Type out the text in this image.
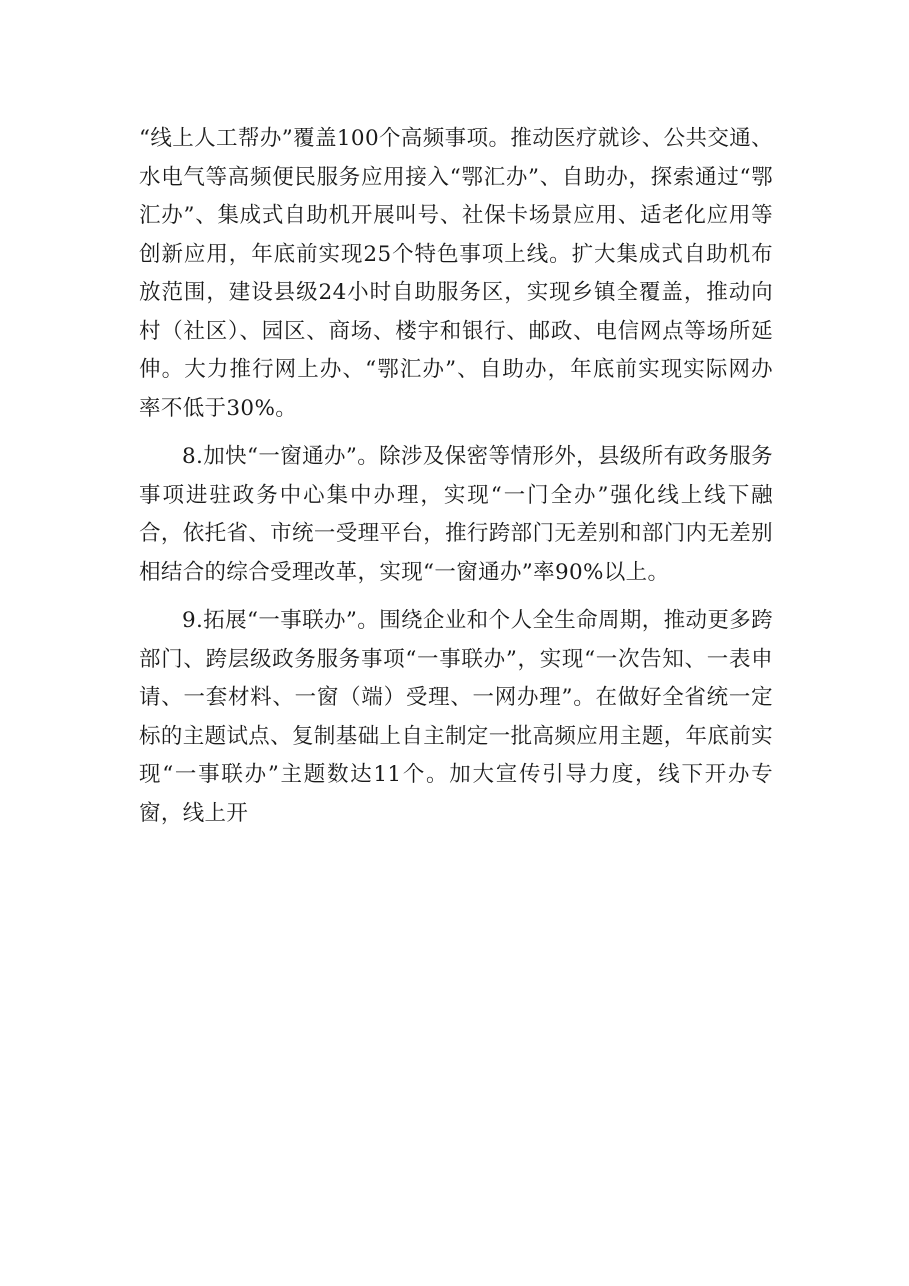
“线上人工帮办”覆盖100个高频事项。推动医疗就诊、公共交通、水电气等高频便民服务应用接入“鄂汇办”、自助办，探索通过“鄂汇办”、集成式自助机开展叫号、社保卡场景应用、适老化应用等创新应用，年底前实现25个特色事项上线。扩大集成式自助机布放范围，建设县级24小时自助服务区，实现乡镇全覆盖，推动向村（社区）、园区、商场、楼宇和银行、邮政、电信网点等场所延伸。大力推行网上办、“鄂汇办”、自助办，年底前实现实际网办率不低于30%。

8.加快“一窗通办”。除涉及保密等情形外，县级所有政务服务事项进驻政务中心集中办理，实现“一门全办”强化线上线下融合，依托省、市统一受理平台，推行跨部门无差别和部门内无差别相结合的综合受理改革，实现“一窗通办”率90%以上。

9.拓展“一事联办”。围绕企业和个人全生命周期，推动更多跨部门、跨层级政务服务事项“一事联办”，实现“一次告知、一表申请、一套材料、一窗（端）受理、一网办理”。在做好全省统一定标的主题试点、复制基础上自主制定一批高频应用主题，年底前实现“一事联办”主题数达11个。加大宣传引导力度，线下开办专窗，线上开
